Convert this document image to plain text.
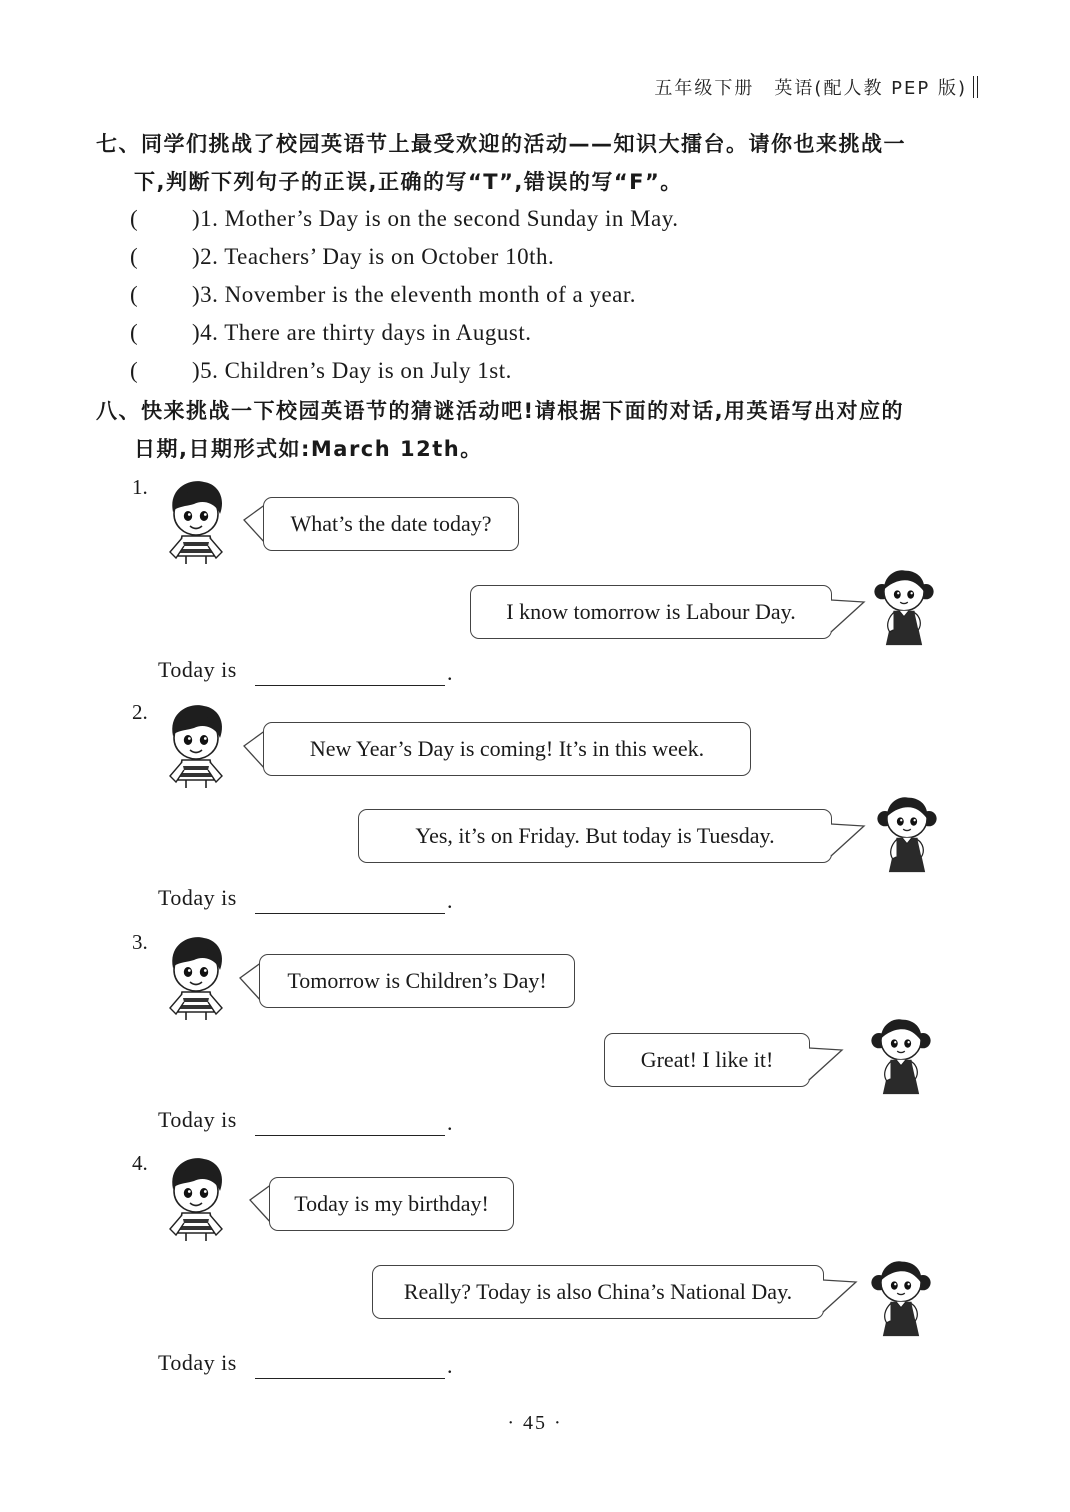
五年级下册　英语(配人教 PEP 版)
七、同学们挑战了校园英语节上最受欢迎的活动——知识大擂台。请你也来挑战一
下,判断下列句子的正误,正确的写“T”,错误的写“F”。
( )1. Mother’s Day is on the second Sunday in May.
( )2. Teachers’ Day is on October 10th.
( )3. November is the eleventh month of a year.
( )4. There are thirty days in August.
( )5. Children’s Day is on July 1st.
八、快来挑战一下校园英语节的猜谜活动吧!请根据下面的对话,用英语写出对应的
日期,日期形式如:March 12th。
1.
What’s the date today?
I know tomorrow is Labour Day.
Today is	.
2.
New Year’s Day is coming! It’s in this week.
Yes, it’s on Friday. But today is Tuesday.
Today is	.
3.
Tomorrow is Children’s Day!
Great! I like it!
Today is	.
4.
Today is my birthday!
Really? Today is also China’s National Day.
Today is	.
· 45 ·
